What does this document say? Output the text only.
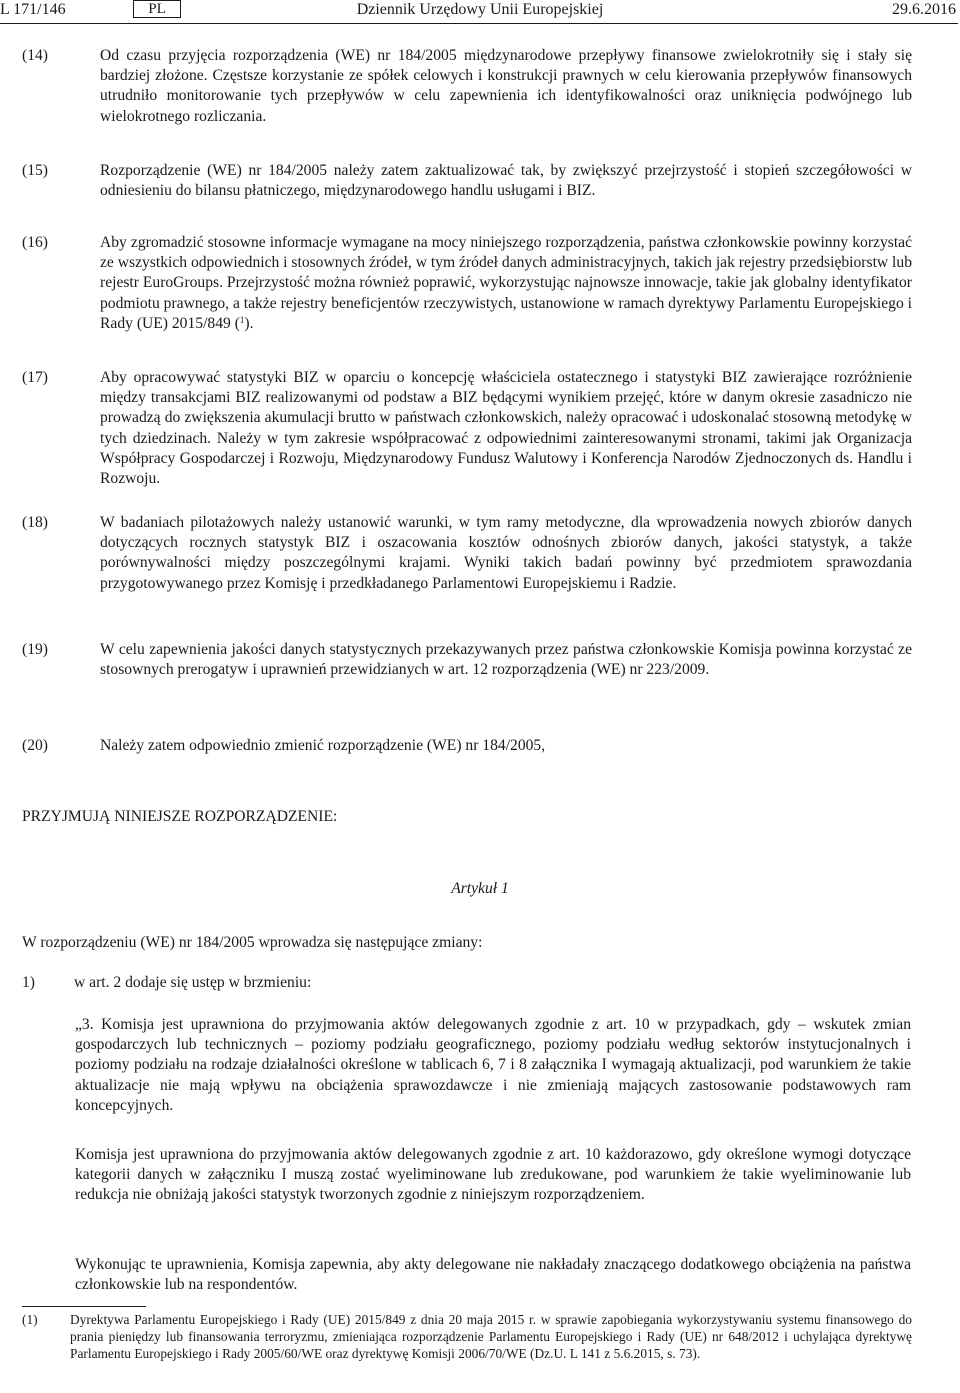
L 171/146	PL	Dziennik Urzędowy Unii Europejskiej	29.6.2016
(14)	Od czasu przyjęcia rozporządzenia (WE) nr 184/2005 międzynarodowe przepływy finansowe zwielokrotniły się i stały się bardziej złożone. Częstsze korzystanie ze spółek celowych i konstrukcji prawnych w celu kierowania przepływów finansowych utrudniło monitorowanie tych przepływów w celu zapewnienia ich identyfikowalności oraz uniknięcia podwójnego lub wielokrotnego rozliczania.
(15)	Rozporządzenie (WE) nr 184/2005 należy zatem zaktualizować tak, by zwiększyć przejrzystość i stopień szczegółowości w odniesieniu do bilansu płatniczego, międzynarodowego handlu usługami i BIZ.
(16)	Aby zgromadzić stosowne informacje wymagane na mocy niniejszego rozporządzenia, państwa członkowskie powinny korzystać ze wszystkich odpowiednich i stosownych źródeł, w tym źródeł danych administracyjnych, takich jak rejestry przedsiębiorstw lub rejestr EuroGroups. Przejrzystość można również poprawić, wykorzystując najnowsze innowacje, takie jak globalny identyfikator podmiotu prawnego, a także rejestry beneficjentów rzeczywistych, ustanowione w ramach dyrektywy Parlamentu Europejskiego i Rady (UE) 2015/849 ($^1$).
(17)	Aby opracowywać statystyki BIZ w oparciu o koncepcję właściciela ostatecznego i statystyki BIZ zawierające rozróżnienie między transakcjami BIZ realizowanymi od podstaw a BIZ będącymi wynikiem przejęć, które w danym okresie zasadniczo nie prowadzą do zwiększenia akumulacji brutto w państwach członkowskich, należy opracować i udoskonalać stosowną metodykę w tych dziedzinach. Należy w tym zakresie współpracować z odpowiednimi zainteresowanymi stronami, takimi jak Organizacja Współpracy Gospodarczej i Rozwoju, Międzynarodowy Fundusz Walutowy i Konferencja Narodów Zjednoczonych ds. Handlu i Rozwoju.
(18)	W badaniach pilotażowych należy ustanowić warunki, w tym ramy metodyczne, dla wprowadzenia nowych zbiorów danych dotyczących rocznych statystyk BIZ i oszacowania kosztów odnośnych zbiorów danych, jakości statystyk, a także porównywalności między poszczególnymi krajami. Wyniki takich badań powinny być przedmiotem sprawozdania przygotowywanego przez Komisję i przedkładanego Parlamentowi Europejskiemu i Radzie.
(19)	W celu zapewnienia jakości danych statystycznych przekazywanych przez państwa członkowskie Komisja powinna korzystać ze stosownych prerogatyw i uprawnień przewidzianych w art. 12 rozporządzenia (WE) nr 223/2009.
(20)	Należy zatem odpowiednio zmienić rozporządzenie (WE) nr 184/2005,
PRZYJMUJĄ NINIEJSZE ROZPORZĄDZENIE:
Artykuł 1
W rozporządzeniu (WE) nr 184/2005 wprowadza się następujące zmiany:
1)	w art. 2 dodaje się ustęp w brzmieniu:
„3. Komisja jest uprawniona do przyjmowania aktów delegowanych zgodnie z art. 10 w przypadkach, gdy – wskutek zmian gospodarczych lub technicznych – poziomy podziału geograficznego, poziomy podziału według sektorów instytucjonalnych i poziomy podziału na rodzaje działalności określone w tablicach 6, 7 i 8 załącznika I wymagają aktualizacji, pod warunkiem że takie aktualizacje nie mają wpływu na obciążenia sprawozdawcze i nie zmieniają mających zastosowanie podstawowych ram koncepcyjnych.
Komisja jest uprawniona do przyjmowania aktów delegowanych zgodnie z art. 10 każdorazowo, gdy określone wymogi dotyczące kategorii danych w załączniku I muszą zostać wyeliminowane lub zredukowane, pod warunkiem że takie wyeliminowanie lub redukcja nie obniżają jakości statystyk tworzonych zgodnie z niniejszym rozporządzeniem.
Wykonując te uprawnienia, Komisja zapewnia, aby akty delegowane nie nakładały znaczącego dodatkowego obciążenia na państwa członkowskie lub na respondentów.
(1) Dyrektywa Parlamentu Europejskiego i Rady (UE) 2015/849 z dnia 20 maja 2015 r. w sprawie zapobiegania wykorzystywaniu systemu finansowego do prania pieniędzy lub finansowania terroryzmu, zmieniająca rozporządzenie Parlamentu Europejskiego i Rady (UE) nr 648/2012 i uchylająca dyrektywę Parlamentu Europejskiego i Rady 2005/60/WE oraz dyrektywę Komisji 2006/70/WE (Dz.U. L 141 z 5.6.2015, s. 73).
